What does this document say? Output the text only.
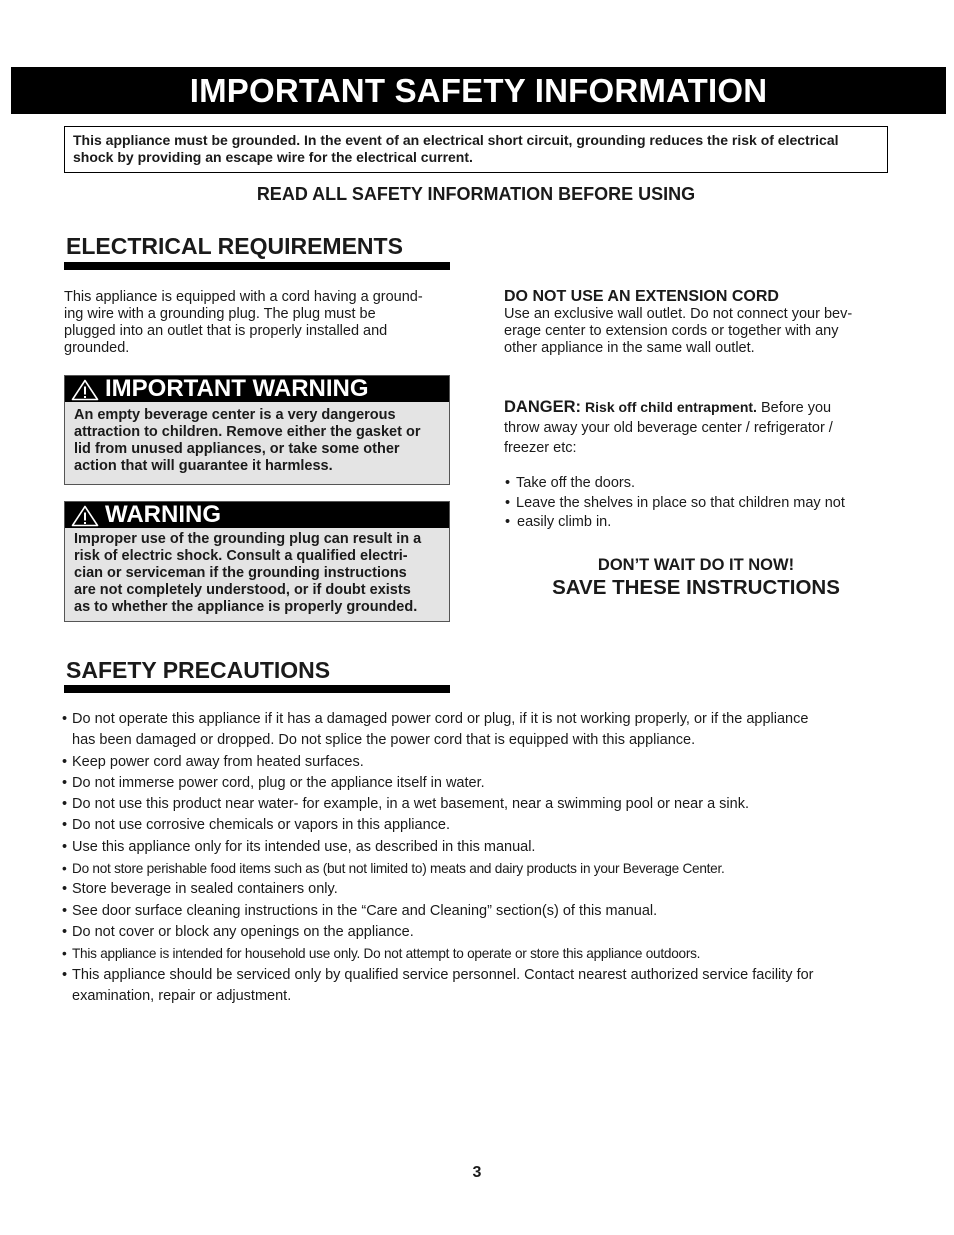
IMPORTANT SAFETY INFORMATION
This appliance must be grounded. In the event of an electrical short circuit, grounding reduces the risk of electrical shock by providing an escape wire for the electrical current.
READ ALL SAFETY INFORMATION BEFORE USING
ELECTRICAL REQUIREMENTS
This appliance is equipped with a cord having a ground-
ing wire with a grounding plug. The plug must be
plugged into an outlet that is properly installed and
grounded.
IMPORTANT WARNING
An empty beverage center is a very dangerous
attraction to children. Remove either the gasket or
lid from unused appliances, or take some other
action that will guarantee it harmless.
WARNING
Improper use of the grounding plug can result in a
risk of electric shock. Consult a qualified electri-
cian or serviceman if the grounding instructions
are not completely understood, or if doubt exists
as to whether the appliance is properly grounded.
DO NOT USE AN EXTENSION CORD
Use an exclusive wall outlet. Do not connect your bev-
erage center to extension cords or together with any
other appliance in the same wall outlet.
DANGER: Risk off child entrapment. Before you
throw away your old beverage center / refrigerator /
freezer etc:
• Take off the doors.
• Leave the shelves in place so that children may not
• easily climb in.
DON’T WAIT DO IT NOW!
SAVE THESE INSTRUCTIONS
SAFETY PRECAUTIONS
• Do not operate this appliance if it has a damaged power cord or plug, if it is not working properly, or if the appliance
has been damaged or dropped. Do not splice the power cord that is equipped with this appliance.
• Keep power cord away from heated surfaces.
• Do not immerse power cord, plug or the appliance itself in water.
• Do not use this product near water- for example, in a wet basement, near a swimming pool or near a sink.
• Do not use corrosive chemicals or vapors in this appliance.
• Use this appliance only for its intended use, as described in this manual.
• Do not store perishable food items such as (but not limited to) meats and dairy products in your Beverage Center.
• Store beverage in sealed containers only.
• See door surface cleaning instructions in the “Care and Cleaning” section(s) of this manual.
• Do not cover or block any openings on the appliance.
• This appliance is intended for household use only. Do not attempt to operate or store this appliance outdoors.
• This appliance should be serviced only by qualified service personnel. Contact nearest authorized service facility for
examination, repair or adjustment.
3
